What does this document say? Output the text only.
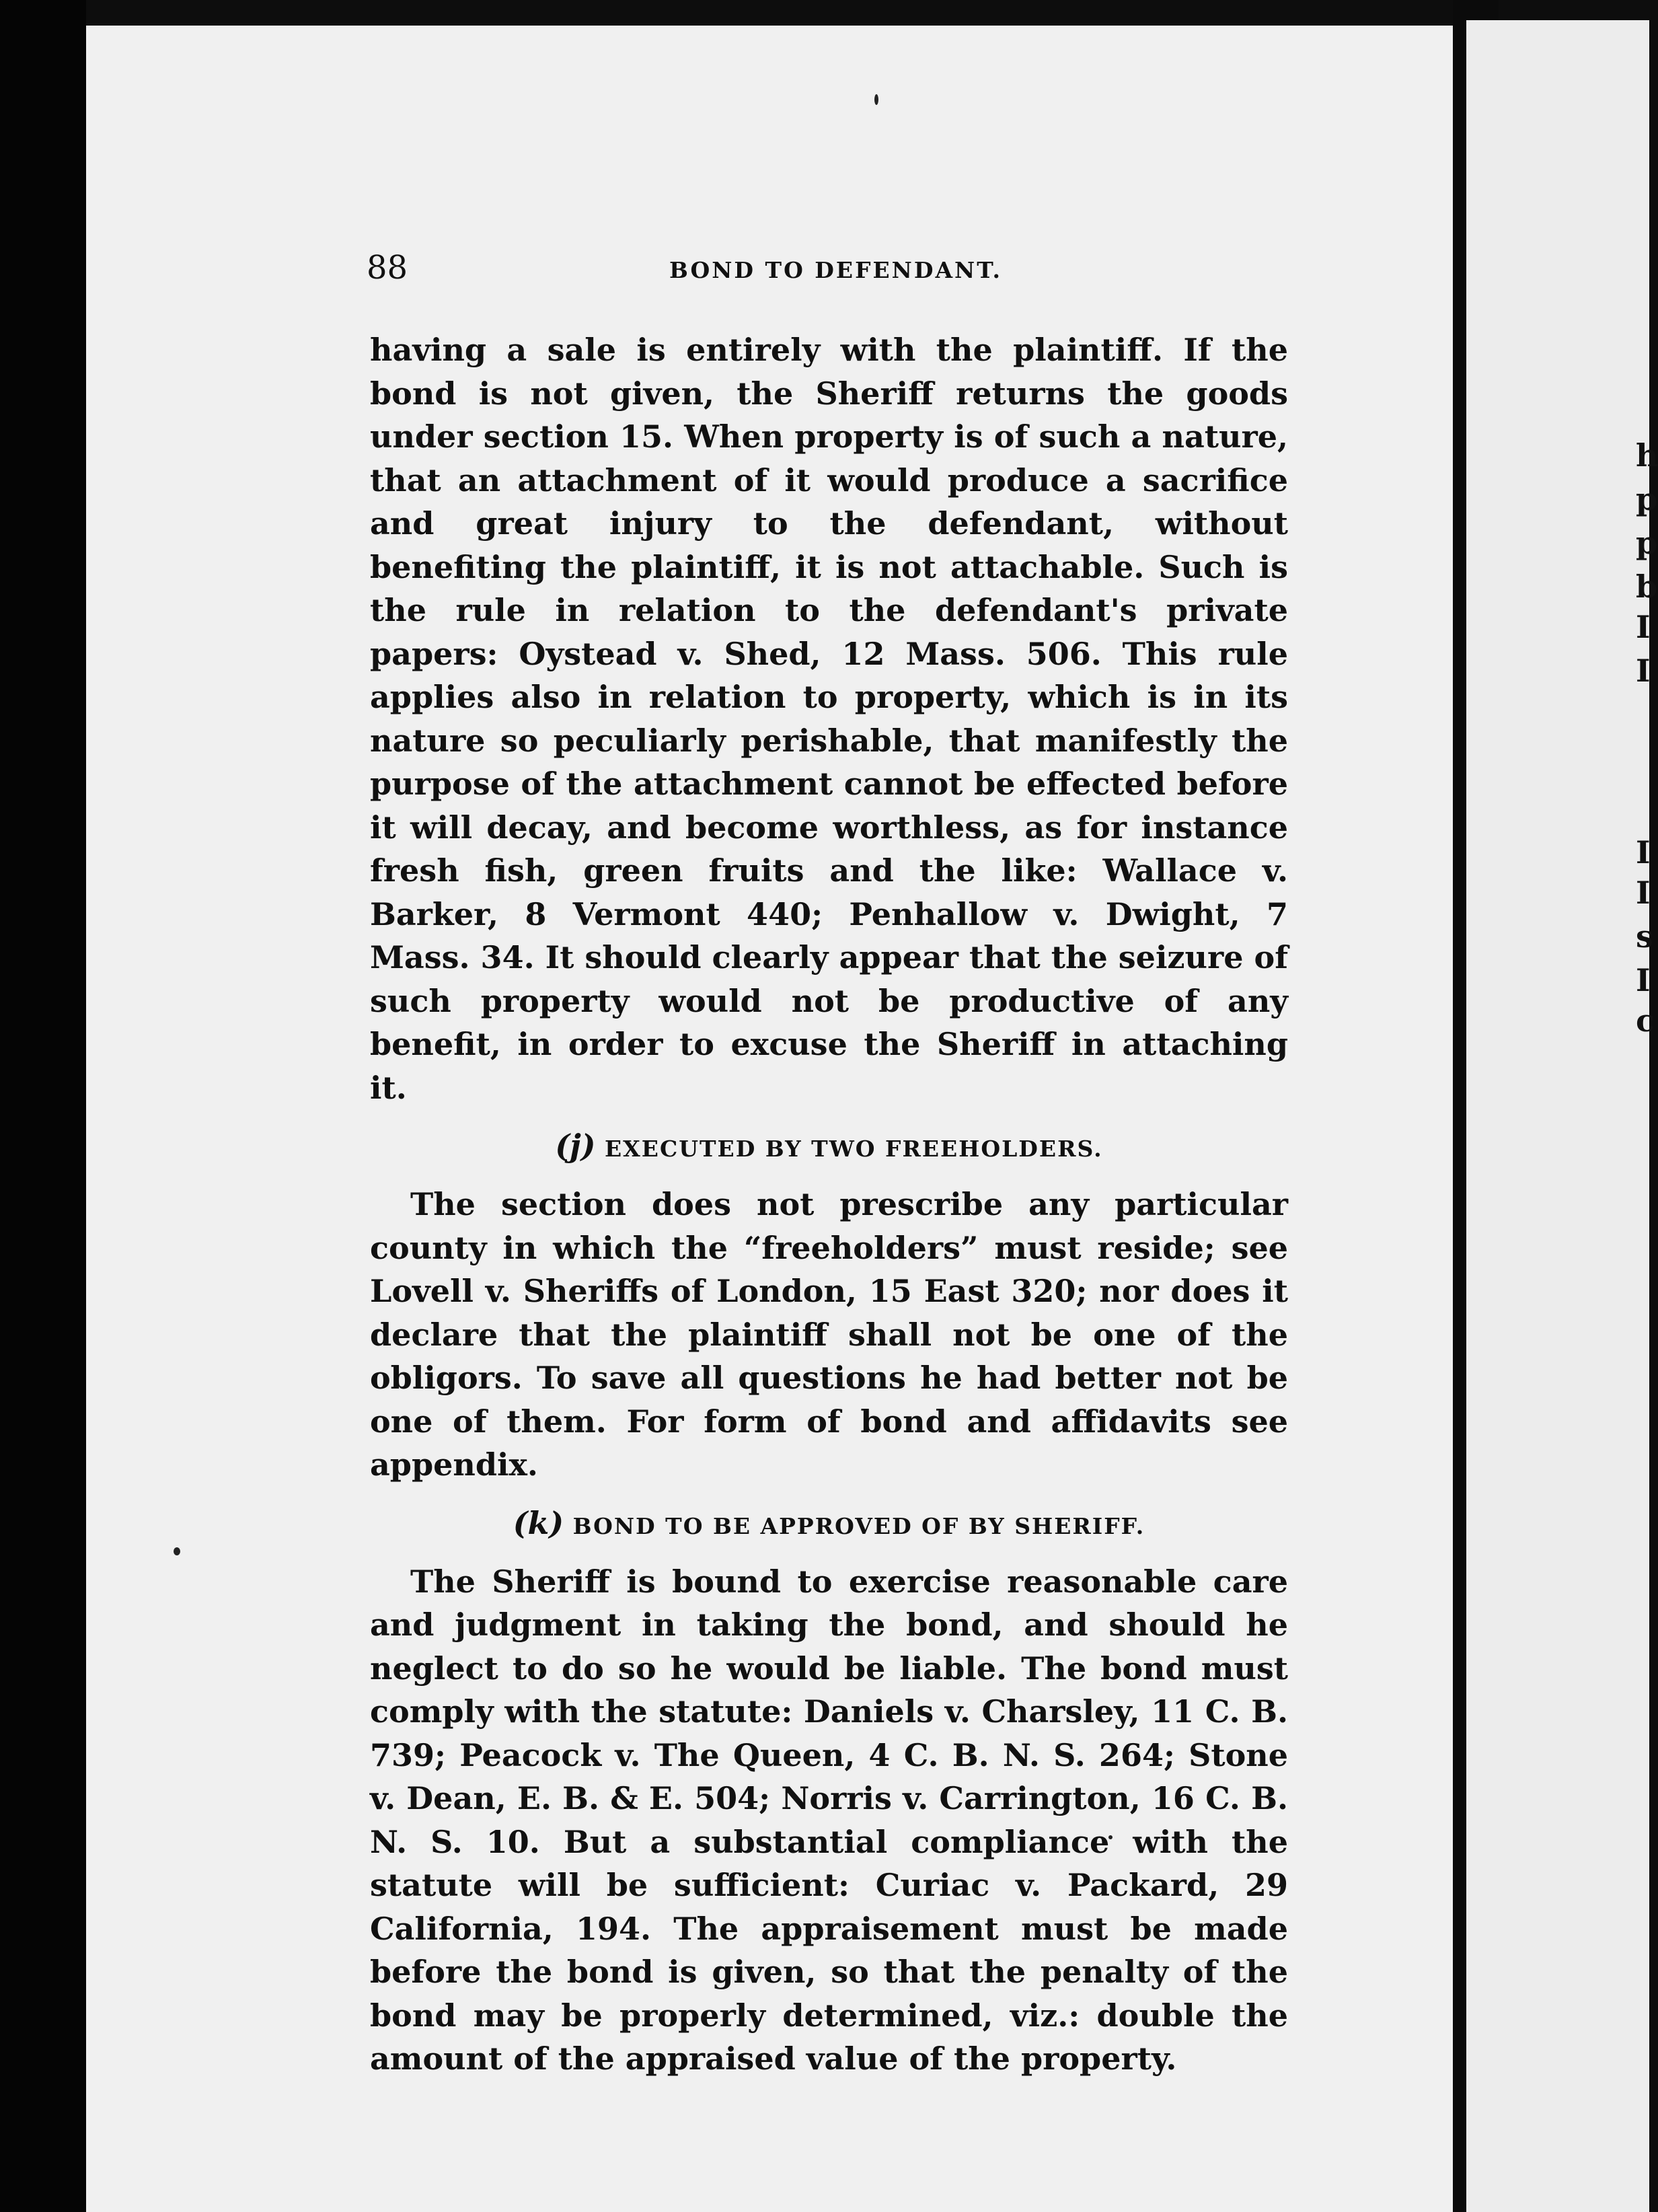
h
p
p
b
I
I
I
I
s
I
c
88	BOND TO DEFENDANT.

having a sale is entirely with the plaintiff. If the bond is not given, the Sheriff returns the goods under section 15. When property is of such a nature, that an attachment of it would produce a sacrifice and great injury to the defendant, without benefiting the plaintiff, it is not attachable. Such is the rule in relation to the defendant's private papers: Oystead v. Shed, 12 Mass. 506. This rule applies also in relation to property, which is in its nature so peculiarly perishable, that manifestly the purpose of the attachment cannot be effected before it will decay, and become worthless, as for instance fresh fish, green fruits and the like: Wallace v. Barker, 8 Vermont 440; Penhallow v. Dwight, 7 Mass. 34. It should clearly appear that the seizure of such property would not be productive of any benefit, in order to excuse the Sheriff in attaching it.

(j) EXECUTED BY TWO FREEHOLDERS.

The section does not prescribe any particular county in which the “freeholders” must reside; see Lovell v. Sheriffs of London, 15 East 320; nor does it declare that the plaintiff shall not be one of the obligors. To save all questions he had better not be one of them. For form of bond and affidavits see appendix.

(k) BOND TO BE APPROVED OF BY SHERIFF.

The Sheriff is bound to exercise reasonable care and judgment in taking the bond, and should he neglect to do so he would be liable. The bond must comply with the statute: Daniels v. Charsley, 11 C. B. 739; Peacock v. The Queen, 4 C. B. N. S. 264; Stone v. Dean, E. B. & E. 504; Norris v. Carrington, 16 C. B. N. S. 10. But a substantial compliance with the statute will be sufficient: Curiac v. Packard, 29 California, 194. The appraisement must be made before the bond is given, so that the penalty of the bond may be properly determined, viz.: double the amount of the appraised value of the property.
